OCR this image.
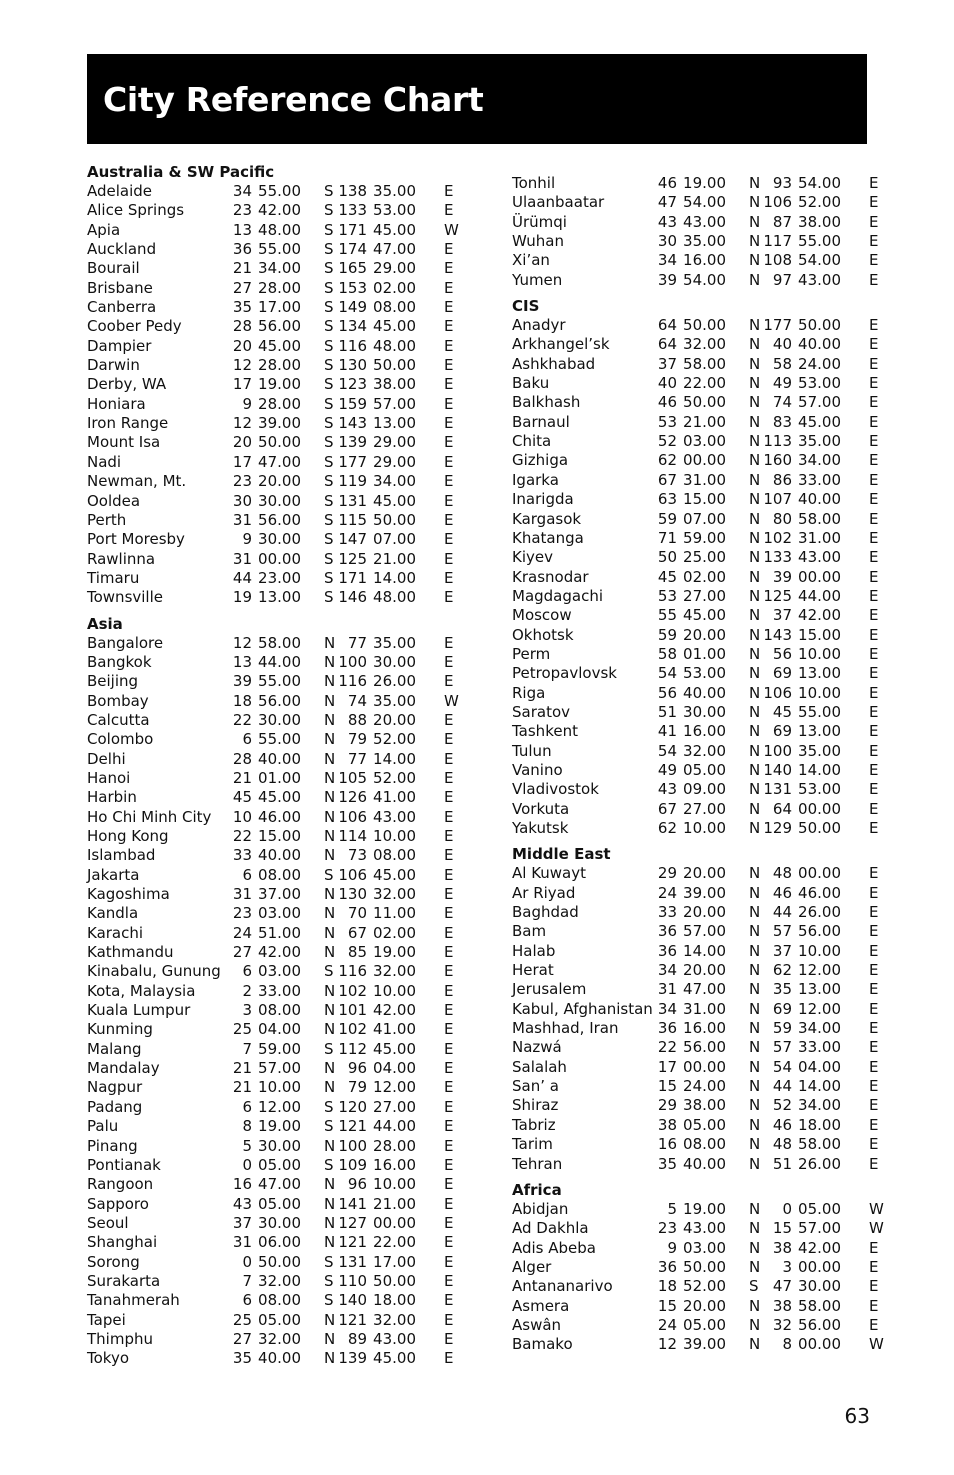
City Reference Chart
Australia & SW Pacific
Adelaide	34 55.00 S 138 35.00 E
Alice Springs	23 42.00 S 133 53.00 E
Apia	13 48.00 S 171 45.00 W
Auckland	36 55.00 S 174 47.00 E
Bourail	21 34.00 S 165 29.00 E
Brisbane	27 28.00 S 153 02.00 E
Canberra	35 17.00 S 149 08.00 E
Coober Pedy	28 56.00 S 134 45.00 E
Dampier	20 45.00 S 116 48.00 E
Darwin	12 28.00 S 130 50.00 E
Derby, WA	17 19.00 S 123 38.00 E
Honiara	9 28.00 S 159 57.00 E
Iron Range	12 39.00 S 143 13.00 E
Mount Isa	20 50.00 S 139 29.00 E
Nadi	17 47.00 S 177 29.00 E
Newman, Mt.	23 20.00 S 119 34.00 E
Ooldea	30 30.00 S 131 45.00 E
Perth	31 56.00 S 115 50.00 E
Port Moresby	9 30.00 S 147 07.00 E
Rawlinna	31 00.00 S 125 21.00 E
Timaru	44 23.00 S 171 14.00 E
Townsville	19 13.00 S 146 48.00 E
Asia
Bangalore	12 58.00 N 77 35.00 E
Bangkok	13 44.00 N 100 30.00 E
Beijing	39 55.00 N 116 26.00 E
Bombay	18 56.00 N 74 35.00 W
Calcutta	22 30.00 N 88 20.00 E
Colombo	6 55.00 N 79 52.00 E
Delhi	28 40.00 N 77 14.00 E
Hanoi	21 01.00 N 105 52.00 E
Harbin	45 45.00 N 126 41.00 E
Ho Chi Minh City	10 46.00 N 106 43.00 E
Hong Kong	22 15.00 N 114 10.00 E
Islambad	33 40.00 N 73 08.00 E
Jakarta	6 08.00 S 106 45.00 E
Kagoshima	31 37.00 N 130 32.00 E
Kandla	23 03.00 N 70 11.00 E
Karachi	24 51.00 N 67 02.00 E
Kathmandu	27 42.00 N 85 19.00 E
Kinabalu, Gunung	6 03.00 S 116 32.00 E
Kota, Malaysia	2 33.00 N 102 10.00 E
Kuala Lumpur	3 08.00 N 101 42.00 E
Kunming	25 04.00 N 102 41.00 E
Malang	7 59.00 S 112 45.00 E
Mandalay	21 57.00 N 96 04.00 E
Nagpur	21 10.00 N 79 12.00 E
Padang	6 12.00 S 120 27.00 E
Palu	8 19.00 S 121 44.00 E
Pinang	5 30.00 N 100 28.00 E
Pontianak	0 05.00 S 109 16.00 E
Rangoon	16 47.00 N 96 10.00 E
Sapporo	43 05.00 N 141 21.00 E
Seoul	37 30.00 N 127 00.00 E
Shanghai	31 06.00 N 121 22.00 E
Sorong	0 50.00 S 131 17.00 E
Surakarta	7 32.00 S 110 50.00 E
Tanahmerah	6 08.00 S 140 18.00 E
Tapei	25 05.00 N 121 32.00 E
Thimphu	27 32.00 N 89 43.00 E
Tokyo	35 40.00 N 139 45.00 E
Tonhil	46 19.00 N 93 54.00 E
Ulaanbaatar	47 54.00 N 106 52.00 E
Ürümqi	43 43.00 N 87 38.00 E
Wuhan	30 35.00 N 117 55.00 E
Xi’an	34 16.00 N 108 54.00 E
Yumen	39 54.00 N 97 43.00 E
CIS
Anadyr	64 50.00 N 177 50.00 E
Arkhangel’sk	64 32.00 N 40 40.00 E
Ashkhabad	37 58.00 N 58 24.00 E
Baku	40 22.00 N 49 53.00 E
Balkhash	46 50.00 N 74 57.00 E
Barnaul	53 21.00 N 83 45.00 E
Chita	52 03.00 N 113 35.00 E
Gizhiga	62 00.00 N 160 34.00 E
Igarka	67 31.00 N 86 33.00 E
Inarigda	63 15.00 N 107 40.00 E
Kargasok	59 07.00 N 80 58.00 E
Khatanga	71 59.00 N 102 31.00 E
Kiyev	50 25.00 N 133 43.00 E
Krasnodar	45 02.00 N 39 00.00 E
Magdagachi	53 27.00 N 125 44.00 E
Moscow	55 45.00 N 37 42.00 E
Okhotsk	59 20.00 N 143 15.00 E
Perm	58 01.00 N 56 10.00 E
Petropavlovsk	54 53.00 N 69 13.00 E
Riga	56 40.00 N 106 10.00 E
Saratov	51 30.00 N 45 55.00 E
Tashkent	41 16.00 N 69 13.00 E
Tulun	54 32.00 N 100 35.00 E
Vanino	49 05.00 N 140 14.00 E
Vladivostok	43 09.00 N 131 53.00 E
Vorkuta	67 27.00 N 64 00.00 E
Yakutsk	62 10.00 N 129 50.00 E
Middle East
Al Kuwayt	29 20.00 N 48 00.00 E
Ar Riyad	24 39.00 N 46 46.00 E
Baghdad	33 20.00 N 44 26.00 E
Bam	36 57.00 N 57 56.00 E
Halab	36 14.00 N 37 10.00 E
Herat	34 20.00 N 62 12.00 E
Jerusalem	31 47.00 N 35 13.00 E
Kabul, Afghanistan 34 31.00 N 69 12.00 E
Mashhad, Iran	36 16.00 N 59 34.00 E
Nazwá	22 56.00 N 57 33.00 E
Salalah	17 00.00 N 54 04.00 E
San’ a	15 24.00 N 44 14.00 E
Shiraz	29 38.00 N 52 34.00 E
Tabriz	38 05.00 N 46 18.00 E
Tarim	16 08.00 N 48 58.00 E
Tehran	35 40.00 N 51 26.00 E
Africa
Abidjan	5 19.00 N	0 05.00 W
Ad Dakhla	23 43.00 N 15 57.00 W
Adis Abeba	9 03.00 N 38 42.00 E
Alger	36 50.00 N	3 00.00 E
Antananarivo	18 52.00 S 47 30.00 E
Asmera	15 20.00 N 38 58.00 E
Aswân	24 05.00 N 32 56.00 E
Bamako	12 39.00 N	8 00.00 W
63
